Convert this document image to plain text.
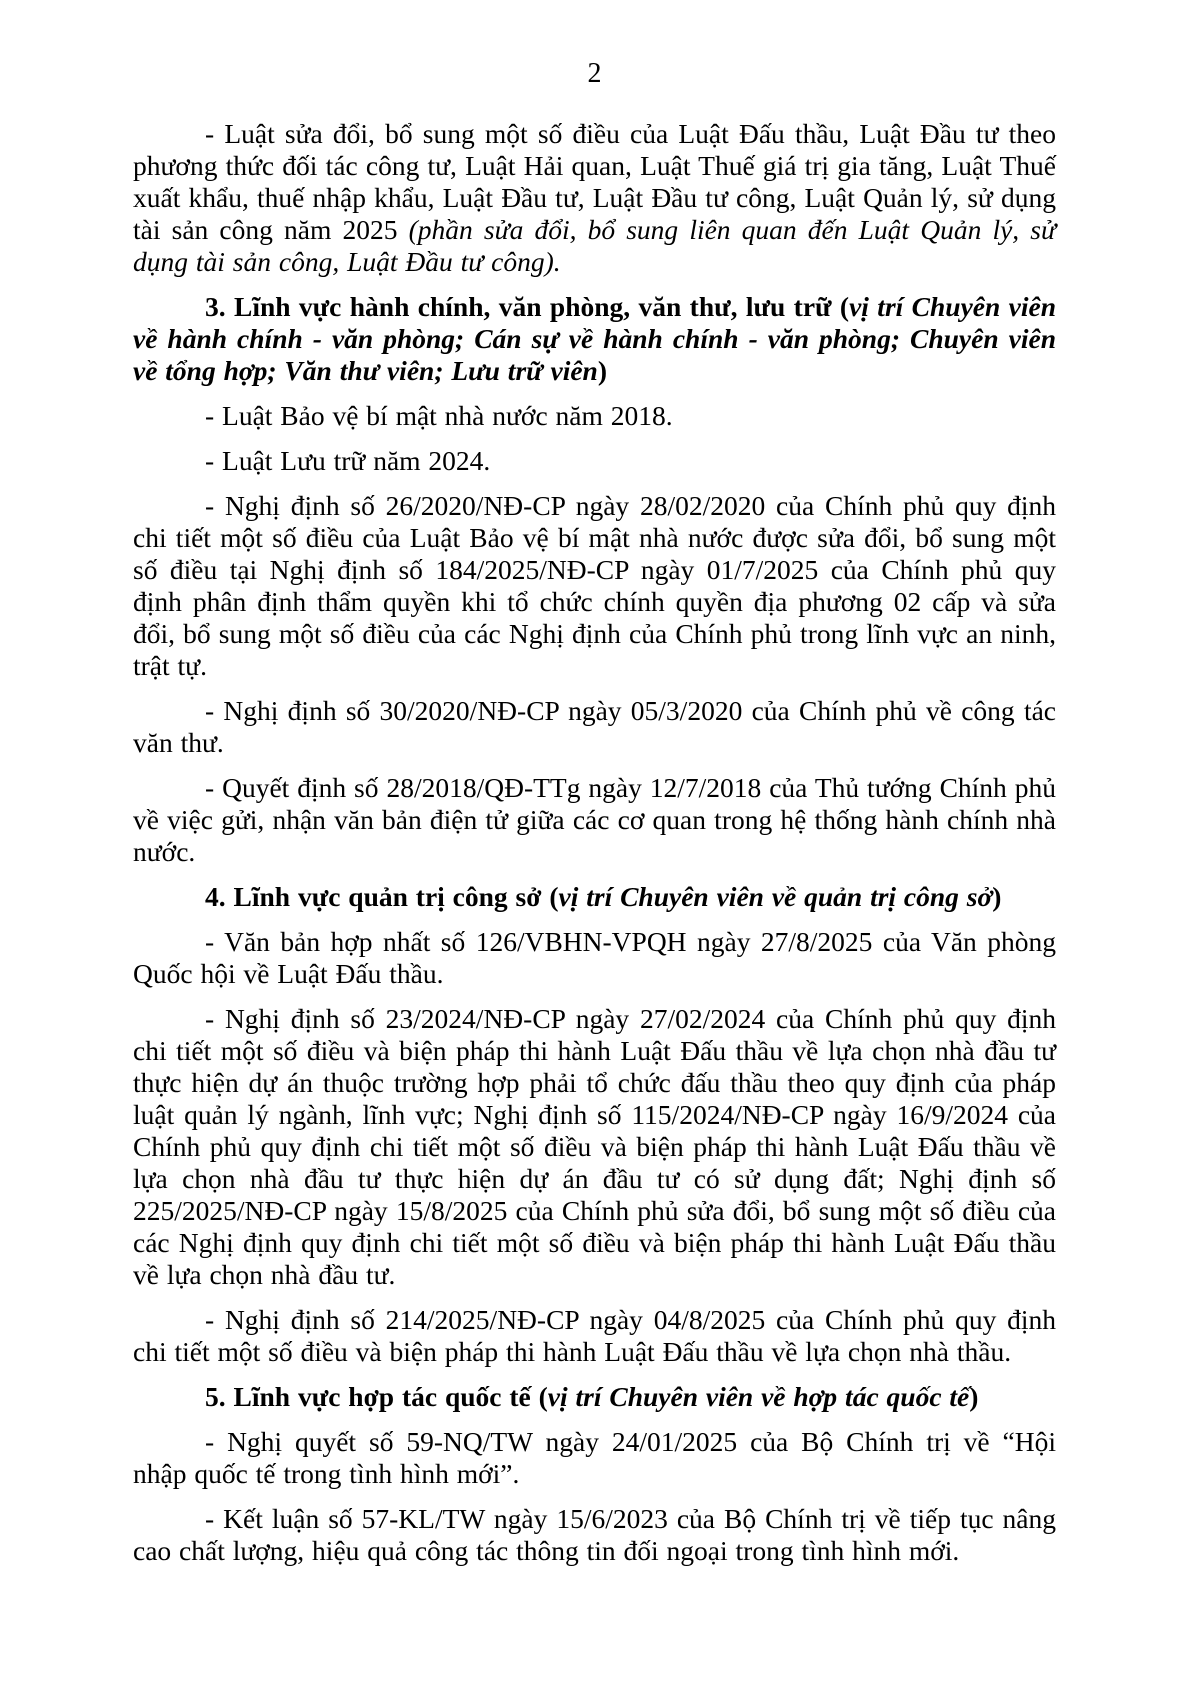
2

- Luật sửa đổi, bổ sung một số điều của Luật Đấu thầu, Luật Đầu tư theo phương thức đối tác công tư, Luật Hải quan, Luật Thuế giá trị gia tăng, Luật Thuế xuất khẩu, thuế nhập khẩu, Luật Đầu tư, Luật Đầu tư công, Luật Quản lý, sử dụng tài sản công năm 2025 (phần sửa đổi, bổ sung liên quan đến Luật Quản lý, sử dụng tài sản công, Luật Đầu tư công).

3. Lĩnh vực hành chính, văn phòng, văn thư, lưu trữ (vị trí Chuyên viên về hành chính - văn phòng; Cán sự về hành chính - văn phòng; Chuyên viên về tổng hợp; Văn thư viên; Lưu trữ viên)

- Luật Bảo vệ bí mật nhà nước năm 2018.

- Luật Lưu trữ năm 2024.

- Nghị định số 26/2020/NĐ-CP ngày 28/02/2020 của Chính phủ quy định chi tiết một số điều của Luật Bảo vệ bí mật nhà nước được sửa đổi, bổ sung một số điều tại Nghị định số 184/2025/NĐ-CP ngày 01/7/2025 của Chính phủ quy định phân định thẩm quyền khi tổ chức chính quyền địa phương 02 cấp và sửa đổi, bổ sung một số điều của các Nghị định của Chính phủ trong lĩnh vực an ninh, trật tự.

- Nghị định số 30/2020/NĐ-CP ngày 05/3/2020 của Chính phủ về công tác văn thư.

- Quyết định số 28/2018/QĐ-TTg ngày 12/7/2018 của Thủ tướng Chính phủ về việc gửi, nhận văn bản điện tử giữa các cơ quan trong hệ thống hành chính nhà nước.

4. Lĩnh vực quản trị công sở (vị trí Chuyên viên về quản trị công sở)

- Văn bản hợp nhất số 126/VBHN-VPQH ngày 27/8/2025 của Văn phòng Quốc hội về Luật Đấu thầu.

- Nghị định số 23/2024/NĐ-CP ngày 27/02/2024 của Chính phủ quy định chi tiết một số điều và biện pháp thi hành Luật Đấu thầu về lựa chọn nhà đầu tư thực hiện dự án thuộc trường hợp phải tổ chức đấu thầu theo quy định của pháp luật quản lý ngành, lĩnh vực; Nghị định số 115/2024/NĐ-CP ngày 16/9/2024 của Chính phủ quy định chi tiết một số điều và biện pháp thi hành Luật Đấu thầu về lựa chọn nhà đầu tư thực hiện dự án đầu tư có sử dụng đất; Nghị định số 225/2025/NĐ-CP ngày 15/8/2025 của Chính phủ sửa đổi, bổ sung một số điều của các Nghị định quy định chi tiết một số điều và biện pháp thi hành Luật Đấu thầu về lựa chọn nhà đầu tư.

- Nghị định số 214/2025/NĐ-CP ngày 04/8/2025 của Chính phủ quy định chi tiết một số điều và biện pháp thi hành Luật Đấu thầu về lựa chọn nhà thầu.

5. Lĩnh vực hợp tác quốc tế (vị trí Chuyên viên về hợp tác quốc tế)

- Nghị quyết số 59-NQ/TW ngày 24/01/2025 của Bộ Chính trị về “Hội nhập quốc tế trong tình hình mới”.

- Kết luận số 57-KL/TW ngày 15/6/2023 của Bộ Chính trị về tiếp tục nâng cao chất lượng, hiệu quả công tác thông tin đối ngoại trong tình hình mới.
